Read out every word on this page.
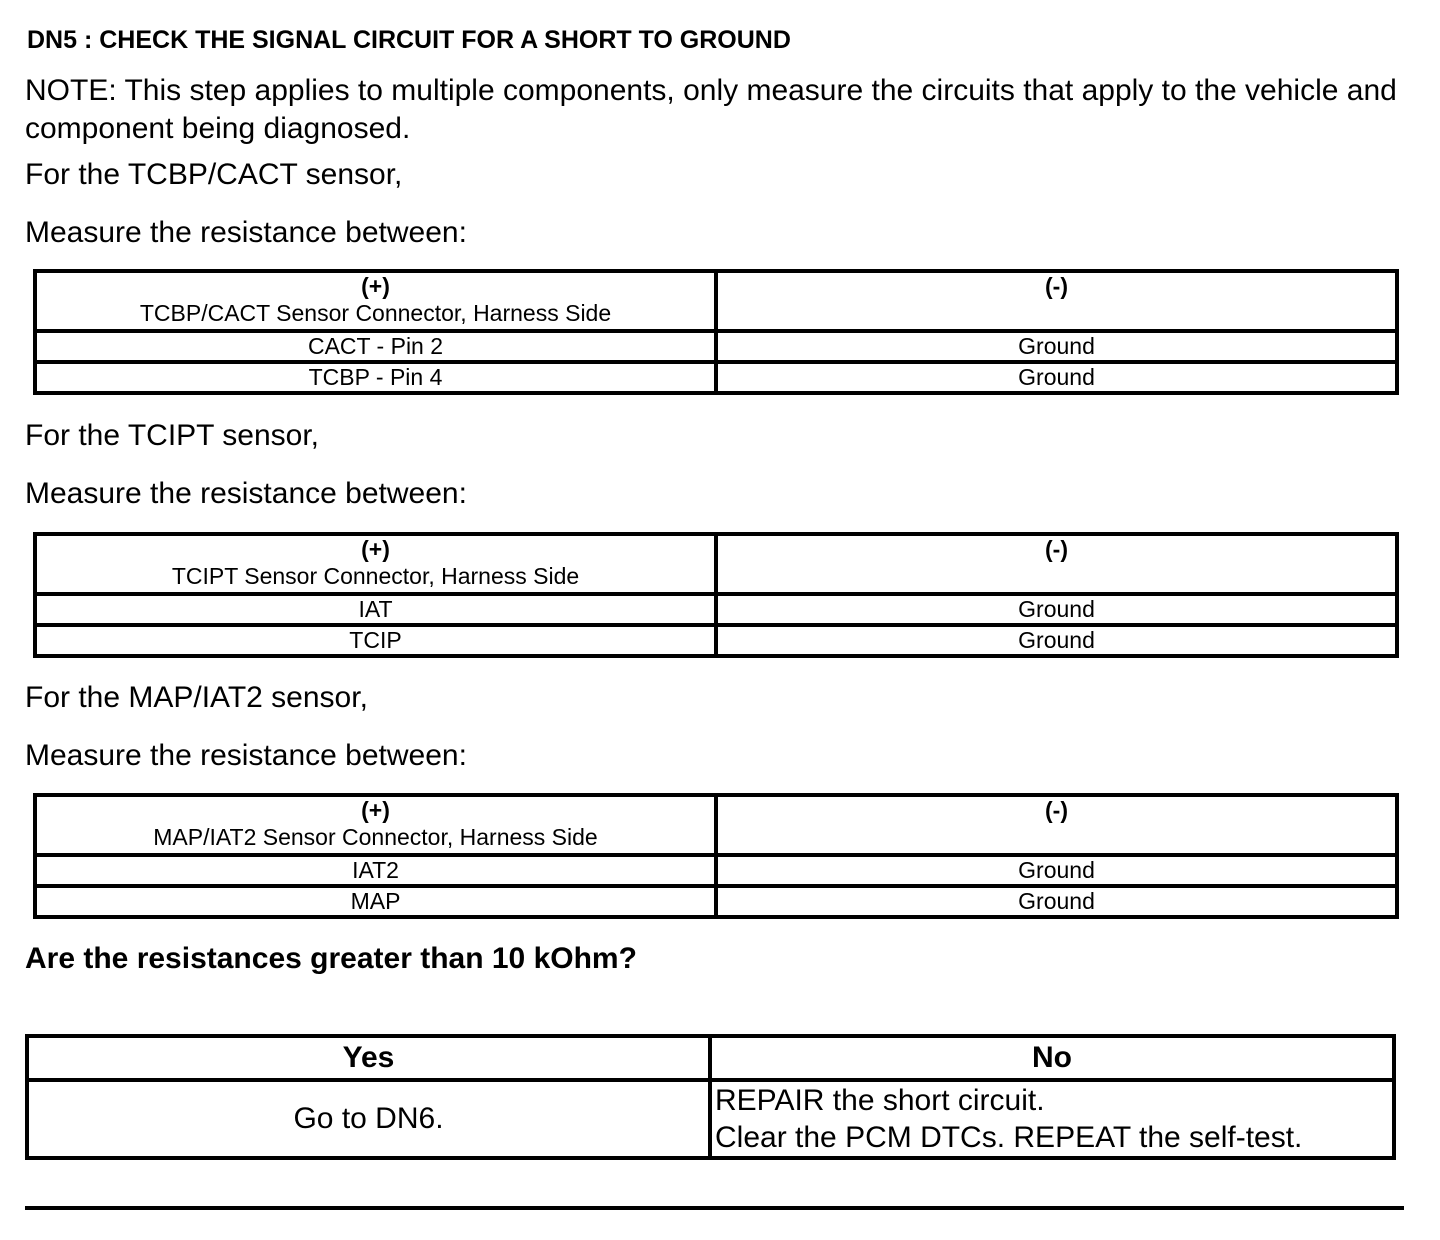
DN5 : CHECK THE SIGNAL CIRCUIT FOR A SHORT TO GROUND
NOTE: This step applies to multiple components, only measure the circuits that apply to the vehicle and component being diagnosed.
For the TCBP/CACT sensor,
Measure the resistance between:
(+)
TCBP/CACT Sensor Connector, Harness Side	(-)

CACT - Pin 2	Ground
TCBP - Pin 4	Ground
For the TCIPT sensor,
Measure the resistance between:
(+)
TCIPT Sensor Connector, Harness Side	(-)

IAT	Ground
TCIP	Ground
For the MAP/IAT2 sensor,
Measure the resistance between:
(+)
MAP/IAT2 Sensor Connector, Harness Side	(-)

IAT2	Ground
MAP	Ground
Are the resistances greater than 10 kOhm?
Yes	No
Go to DN6.	REPAIR the short circuit.
Clear the PCM DTCs. REPEAT the self-test.
